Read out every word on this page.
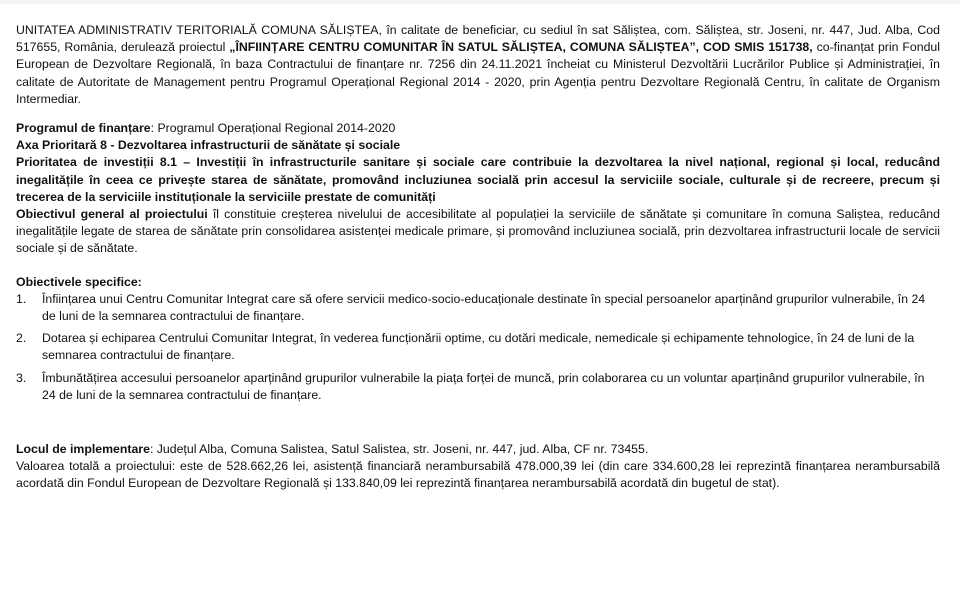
UNITATEA ADMINISTRATIV TERITORIALĂ COMUNA SĂLIȘTEA, în calitate de beneficiar, cu sediul în sat Săliștea, com. Săliștea, str. Joseni, nr. 447, Jud. Alba, Cod 517655, România, derulează proiectul „ÎNFIINȚARE CENTRU COMUNITAR ÎN SATUL SĂLIȘTEA, COMUNA SĂLIȘTEA”, COD SMIS 151738, co-finanțat prin Fondul European de Dezvoltare Regională, în baza Contractului de finanțare nr. 7256 din 24.11.2021 încheiat cu Ministerul Dezvoltării Lucrărilor Publice și Administrației, în calitate de Autoritate de Management pentru Programul Operațional Regional 2014 - 2020, prin Agenția pentru Dezvoltare Regională Centru, în calitate de Organism Intermediar.

Programul de finanțare: Programul Operațional Regional 2014-2020

Axa Prioritară 8 - Dezvoltarea infrastructurii de sănătate și sociale

Prioritatea de investiții 8.1 – Investiții în infrastructurile sanitare și sociale care contribuie la dezvoltarea la nivel național, regional și local, reducând inegalitățile în ceea ce privește starea de sănătate, promovând incluziunea socială prin accesul la serviciile sociale, culturale și de recreere, precum și trecerea de la serviciile instituționale la serviciile prestate de comunități

Obiectivul general al proiectului îl constituie creșterea nivelului de accesibilitate al populației la serviciile de sănătate și comunitare în comuna Saliștea, reducând inegalitățile legate de starea de sănătate prin consolidarea asistenței medicale primare, și promovând incluziunea socială, prin dezvoltarea infrastructurii locale de servicii sociale și de sănătate.

Obiectivele specifice:

1. Înființarea unui Centru Comunitar Integrat care să ofere servicii medico-socio-educaționale destinate în special persoanelor aparținând grupurilor vulnerabile, în 24 de luni de la semnarea contractului de finanțare.
2. Dotarea și echiparea Centrului Comunitar Integrat, în vederea funcționării optime, cu dotări medicale, nemedicale și echipamente tehnologice, în 24 de luni de la semnarea contractului de finanțare.
3. Îmbunătățirea accesului persoanelor aparținând grupurilor vulnerabile la piața forței de muncă, prin colaborarea cu un voluntar aparținând grupurilor vulnerabile, în 24 de luni de la semnarea contractului de finanțare.

Locul de implementare: Județul Alba, Comuna Salistea, Satul Salistea, str. Joseni, nr. 447, jud. Alba, CF nr. 73455.

Valoarea totală a proiectului: este de 528.662,26 lei, asistență financiară nerambursabilă 478.000,39 lei (din care 334.600,28 lei reprezintă finanțarea nerambursabilă acordată din Fondul European de Dezvoltare Regională și 133.840,09 lei reprezintă finanțarea nerambursabilă acordată din bugetul de stat).
